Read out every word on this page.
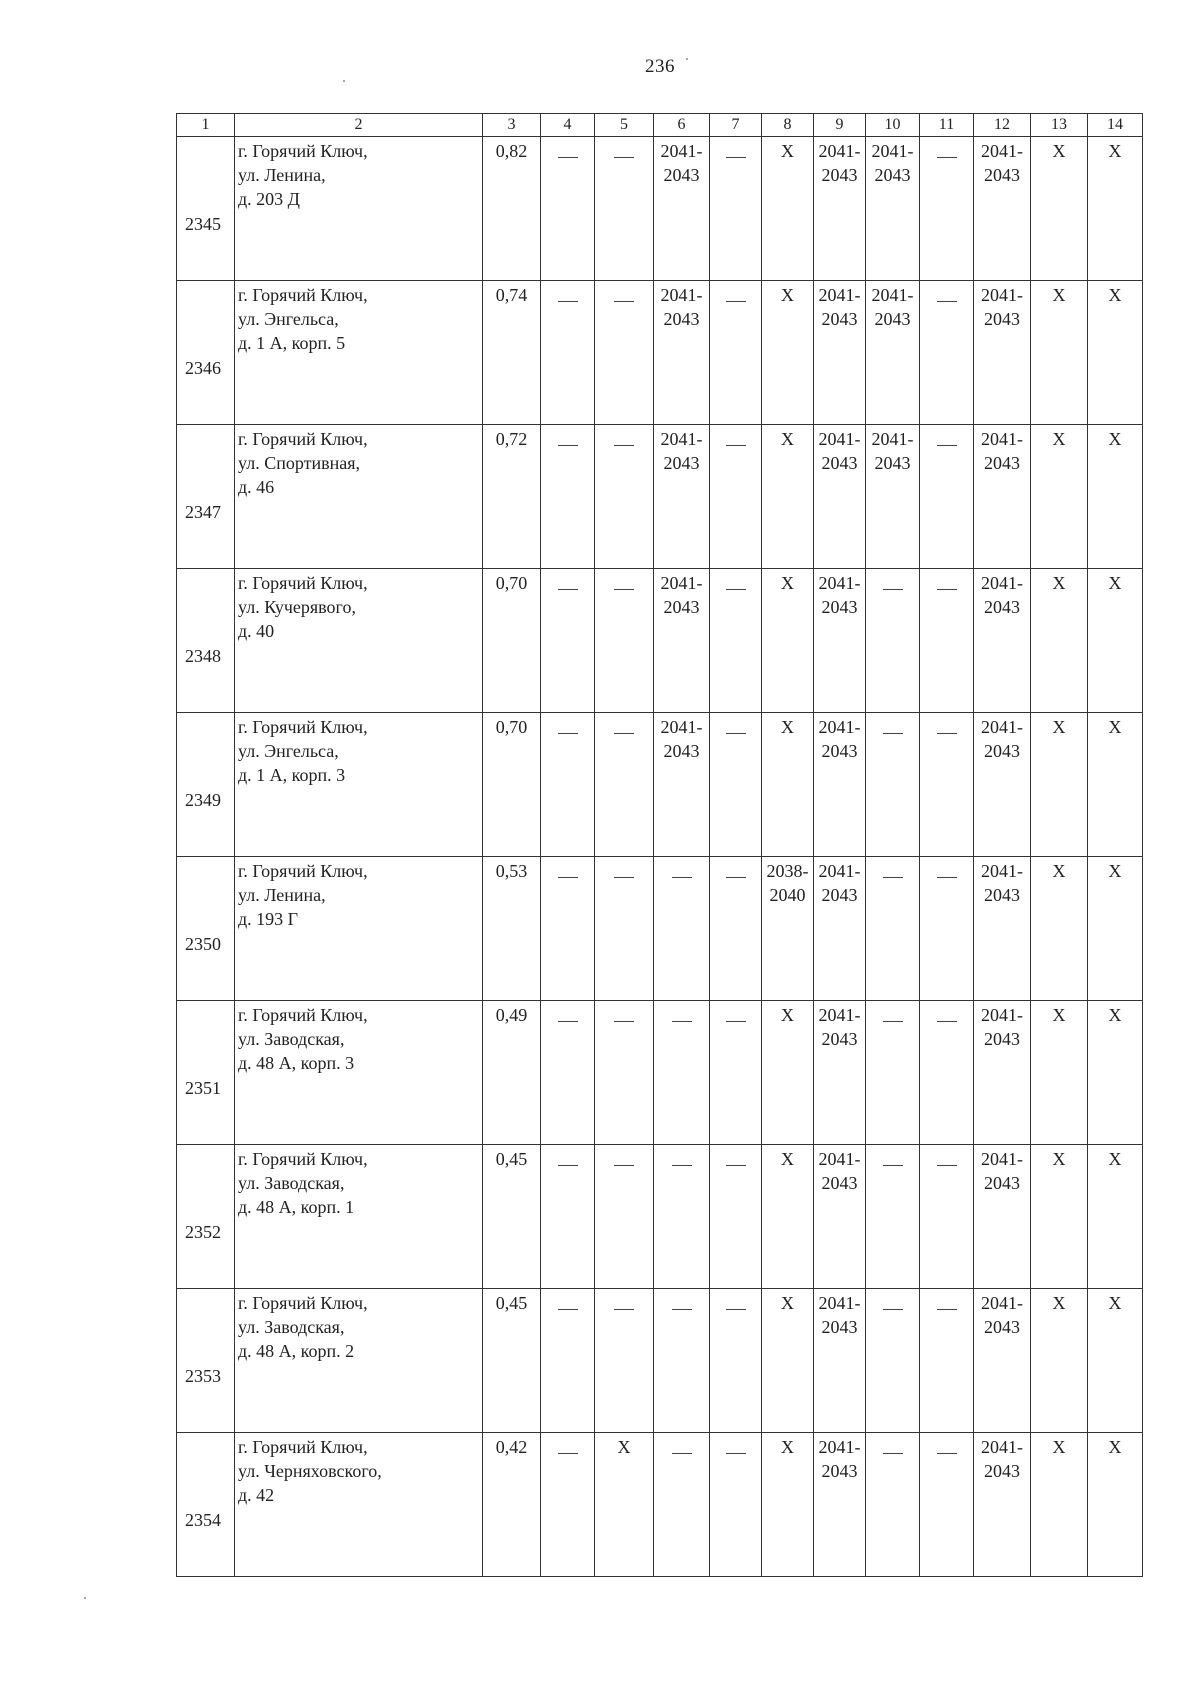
236
1	2	3	4	5	6	7	8	9	10	11	12	13	14
2345	г. Горячий Ключ,
ул. Ленина,
д. 203 Д	0,82			2041-
2043		X	2041-
2043	2041-
2043		2041-
2043	X	X
2346	г. Горячий Ключ,
ул. Энгельса,
д. 1 А, корп. 5	0,74			2041-
2043		X	2041-
2043	2041-
2043		2041-
2043	X	X
2347	г. Горячий Ключ,
ул. Спортивная,
д. 46	0,72			2041-
2043		X	2041-
2043	2041-
2043		2041-
2043	X	X
2348	г. Горячий Ключ,
ул. Кучерявого,
д. 40	0,70			2041-
2043		X	2041-
2043			2041-
2043	X	X
2349	г. Горячий Ключ,
ул. Энгельса,
д. 1 А, корп. 3	0,70			2041-
2043		X	2041-
2043			2041-
2043	X	X
2350	г. Горячий Ключ,
ул. Ленина,
д. 193 Г	0,53					2038-
2040	2041-
2043			2041-
2043	X	X
2351	г. Горячий Ключ,
ул. Заводская,
д. 48 А, корп. 3	0,49					X	2041-
2043			2041-
2043	X	X
2352	г. Горячий Ключ,
ул. Заводская,
д. 48 А, корп. 1	0,45					X	2041-
2043			2041-
2043	X	X
2353	г. Горячий Ключ,
ул. Заводская,
д. 48 А, корп. 2	0,45					X	2041-
2043			2041-
2043	X	X
2354	г. Горячий Ключ,
ул. Черняховского,
д. 42	0,42		X			X	2041-
2043			2041-
2043	X	X
